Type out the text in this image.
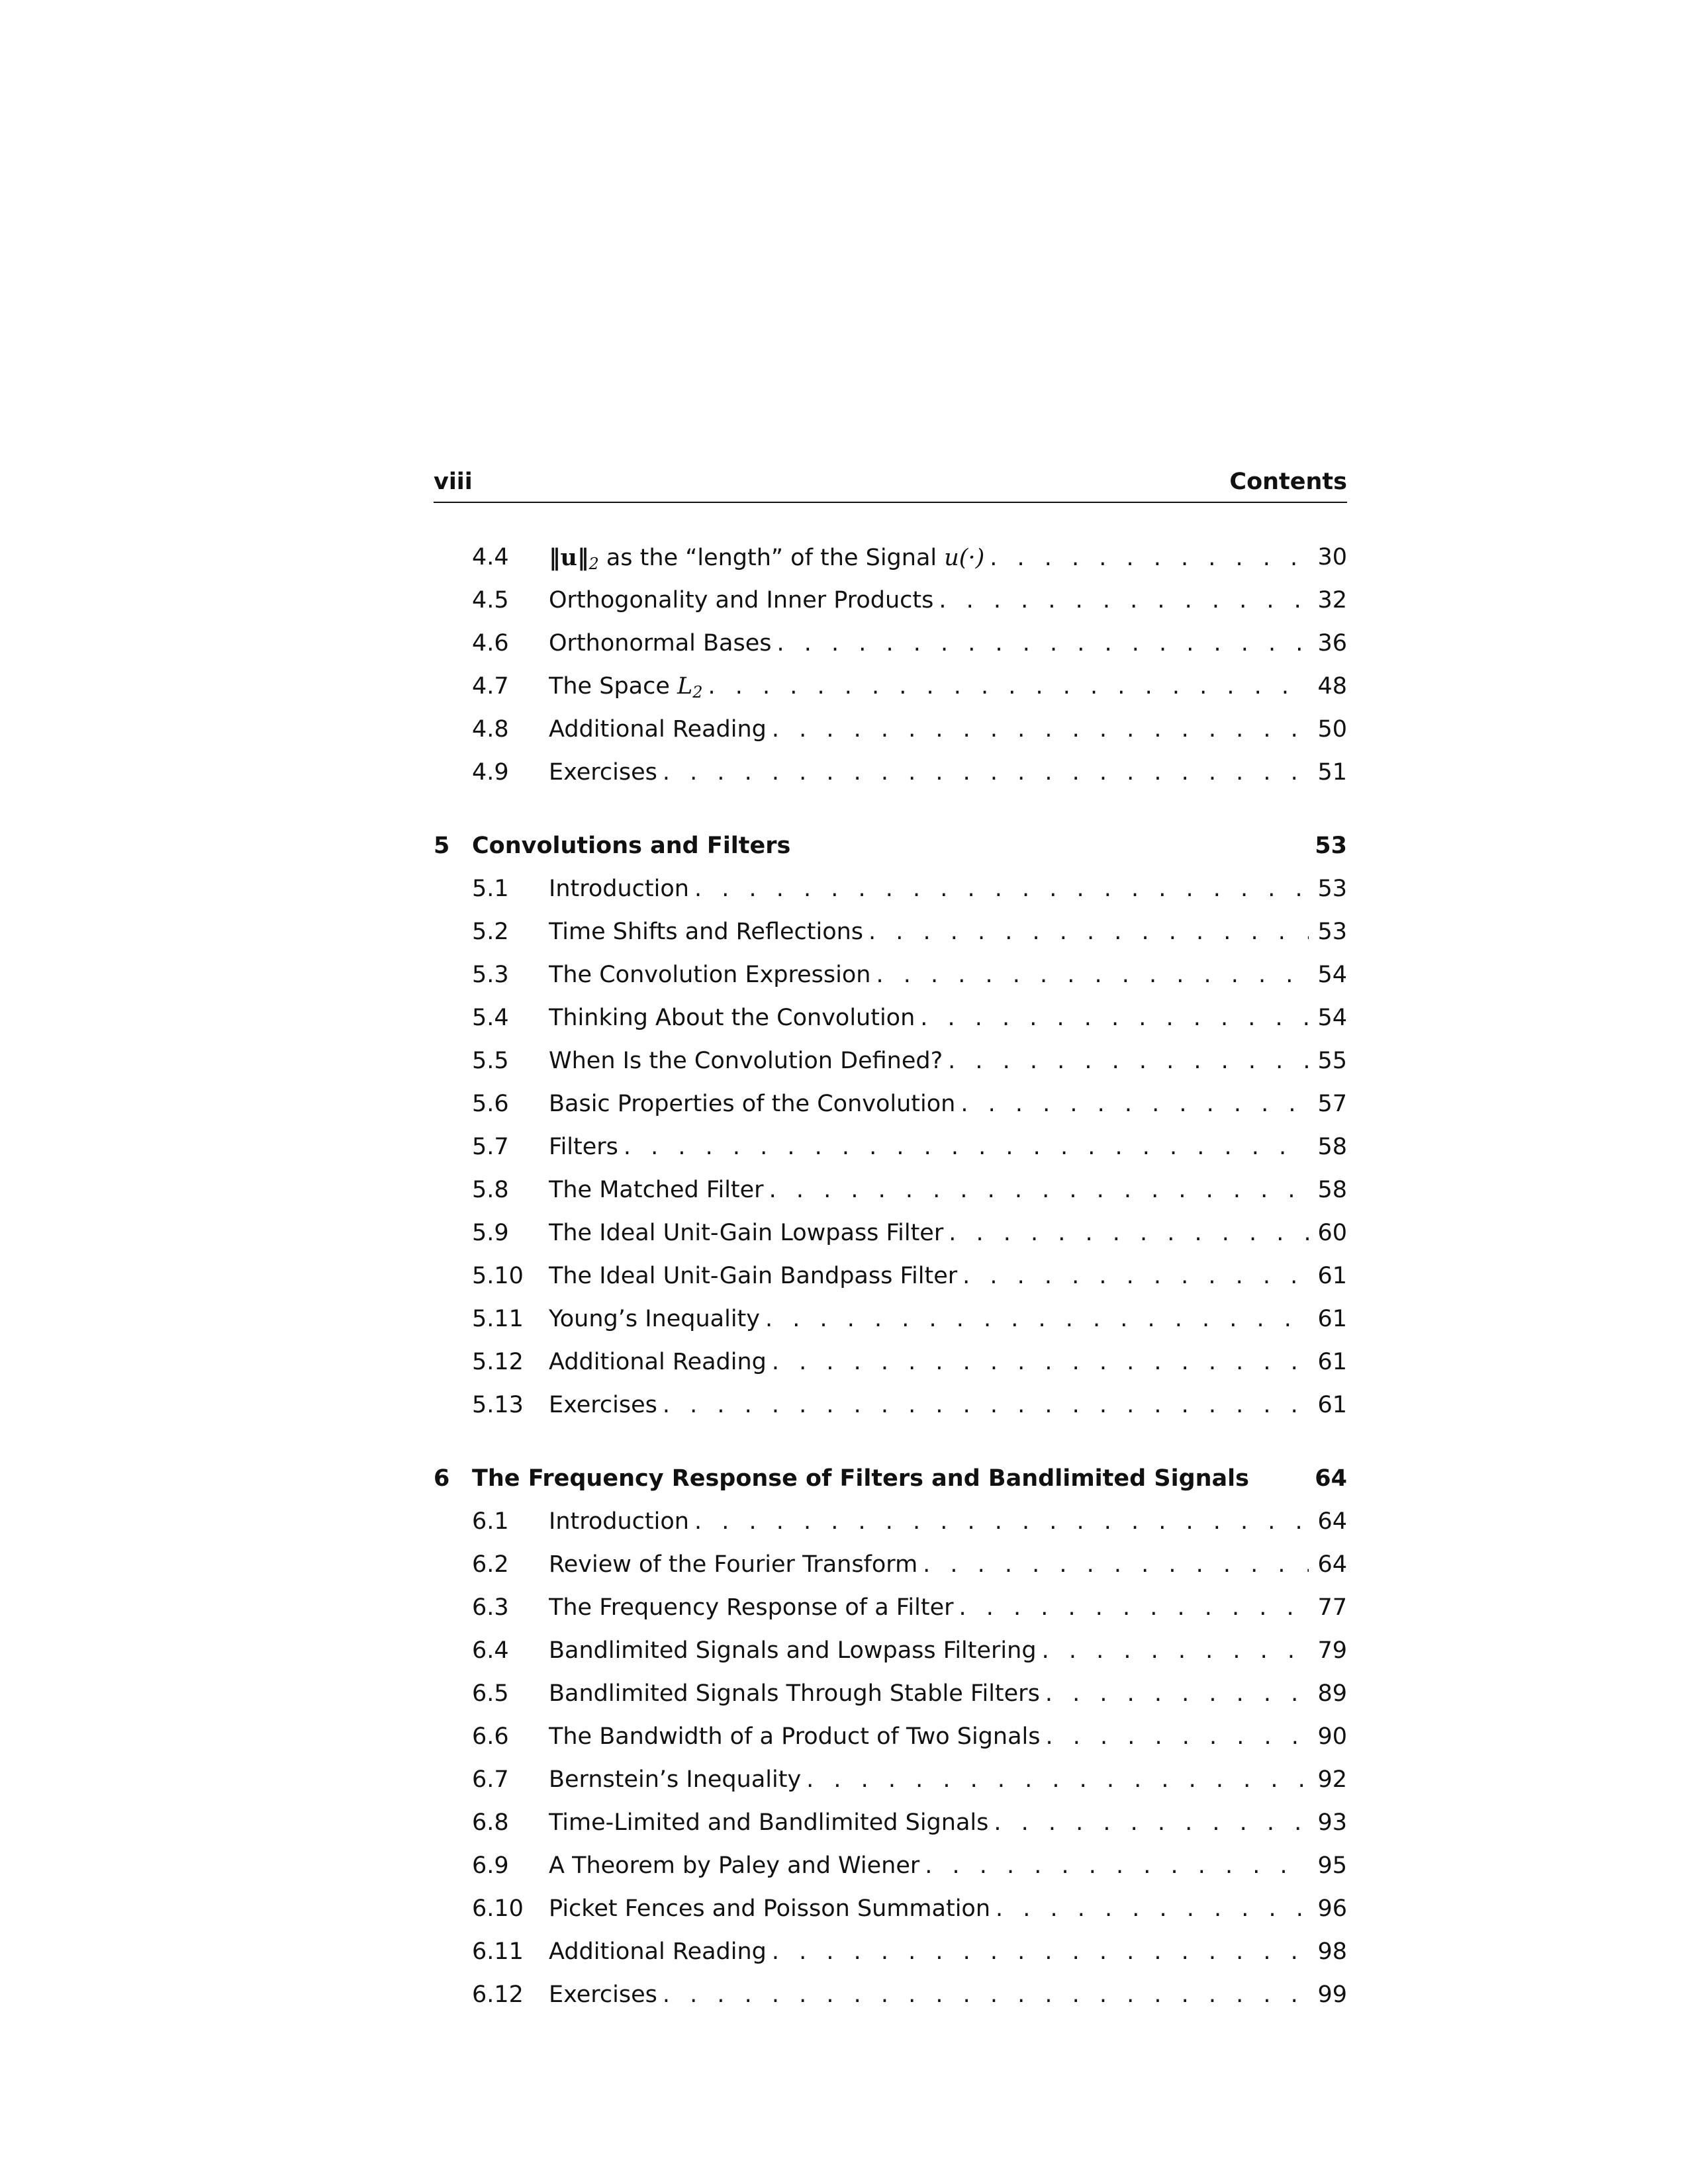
viii	Contents
4.4 $‖u‖_2$ as the “length” of the Signal u(·) . . .	30
4.5 Orthogonality and Inner Products . . .	32
4.6 Orthonormal Bases . . .	36
4.7 The Space $L_2$ . . .	48
4.8 Additional Reading . . .	50
4.9 Exercises . . .	51
5 Convolutions and Filters	53
5.1 Introduction . . .	53
5.2 Time Shifts and Reflections . . .	53
5.3 The Convolution Expression . . .	54
5.4 Thinking About the Convolution . . .	54
5.5 When Is the Convolution Defined? . . .	55
5.6 Basic Properties of the Convolution . . .	57
5.7 Filters . . .	58
5.8 The Matched Filter . . .	58
5.9 The Ideal Unit-Gain Lowpass Filter . . .	60
5.10 The Ideal Unit-Gain Bandpass Filter . . .	61
5.11 Young’s Inequality . . .	61
5.12 Additional Reading . . .	61
5.13 Exercises . . .	61
6 The Frequency Response of Filters and Bandlimited Signals	64
6.1 Introduction . . .	64
6.2 Review of the Fourier Transform . . .	64
6.3 The Frequency Response of a Filter . . .	77
6.4 Bandlimited Signals and Lowpass Filtering . . .	79
6.5 Bandlimited Signals Through Stable Filters . . .	89
6.6 The Bandwidth of a Product of Two Signals . . .	90
6.7 Bernstein’s Inequality . . .	92
6.8 Time-Limited and Bandlimited Signals . . .	93
6.9 A Theorem by Paley and Wiener . . .	95
6.10 Picket Fences and Poisson Summation . . .	96
6.11 Additional Reading . . .	98
6.12 Exercises . . .	99
